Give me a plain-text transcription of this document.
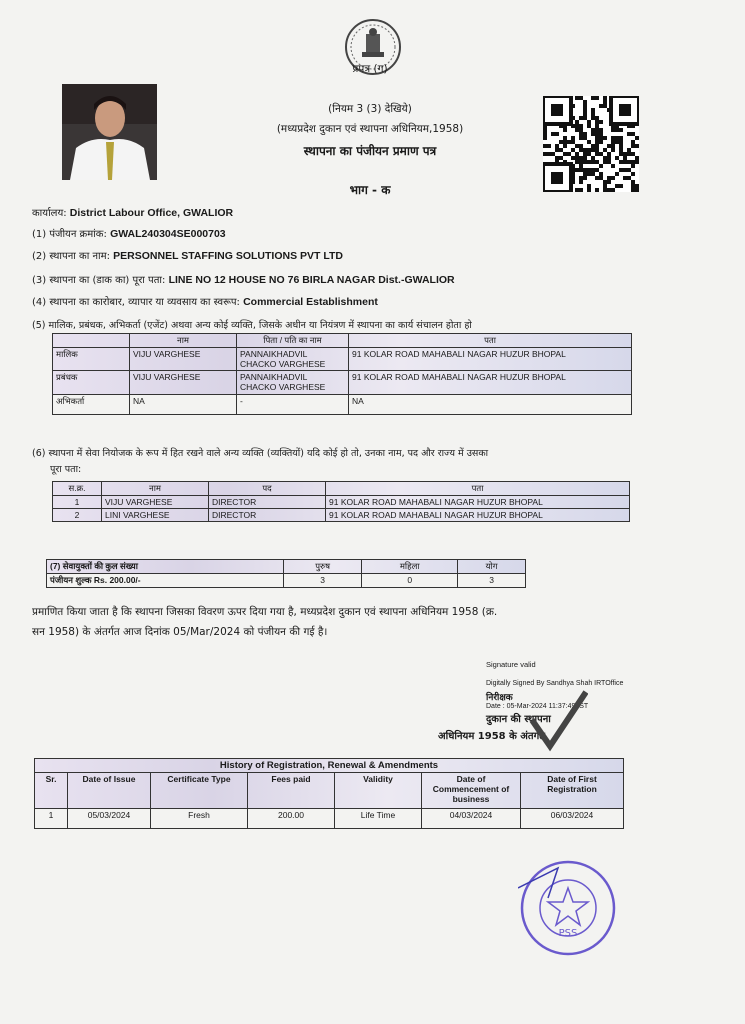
प्रपत्र (ग)
(नियम 3 (3) देखिये)
(मध्यप्रदेश दुकान एवं स्थापना अधिनियम,1958)
स्थापना का पंजीयन प्रमाण पत्र
भाग - क
कार्यालय: District Labour Office, GWALIOR
(1) पंजीयन क्रमांक: GWAL240304SE000703
(2) स्थापना का नाम: PERSONNEL STAFFING SOLUTIONS PVT LTD
(3) स्थापना का (डाक का) पूरा पता: LINE NO 12 HOUSE NO 76 BIRLA NAGAR Dist.-GWALIOR
(4) स्थापना का कारोबार, व्यापार या व्यवसाय का स्वरूप: Commercial Establishment
(5) मालिक, प्रबंधक, अभिकर्ता (एजेंट) अथवा अन्य कोई व्यक्ति, जिसके अधीन या नियंत्रण में स्थापना का कार्य संचालन होता हो
	नाम	पिता / पति का नाम	पता
मालिक	VIJU VARGHESE	PANNAIKHADVIL CHACKO VARGHESE	91 KOLAR ROAD MAHABALI NAGAR HUZUR BHOPAL
प्रबंधक	VIJU VARGHESE	PANNAIKHADVIL CHACKO VARGHESE	91 KOLAR ROAD MAHABALI NAGAR HUZUR BHOPAL
अभिकर्ता	NA	-	NA
(6) स्थापना में सेवा नियोजक के रूप में हित रखने वाले अन्य व्यक्ति (व्यक्तियों) यदि कोई हो तो, उनका नाम, पद और राज्य में उसका
पूरा पता:
स.क्र.	नाम	पद	पता
1	VIJU VARGHESE	DIRECTOR	91 KOLAR ROAD MAHABALI NAGAR HUZUR BHOPAL
2	LINI VARGHESE	DIRECTOR	91 KOLAR ROAD MAHABALI NAGAR HUZUR BHOPAL
(7) सेवायुक्तों की कुल संख्या	पुरुष	महिला	योग
पंजीयन शुल्क Rs. 200.00/-	3	0	3
प्रमाणित किया जाता है कि स्थापना जिसका विवरण ऊपर दिया गया है, मध्यप्रदेश दुकान एवं स्थापना अधिनियम 1958 (क्र.
सन 1958) के अंतर्गत आज दिनांक 05/Mar/2024 को पंजीयन की गई है।
Signature valid
Digitally Signed By Sandhya Shah IRTOffice
निरीक्षक
Date : 05-Mar-2024 11:37:49 IST
दुकान की स्थापना
अधिनियम 1958 के अंतर्गत
History of Registration, Renewal & Amendments						
Sr.	Date of Issue	Certificate Type	Fees paid	Validity	Date of Commencement of business	Date of First Registration
1	05/03/2024	Fresh	200.00	Life Time	04/03/2024	06/03/2024
PSS
